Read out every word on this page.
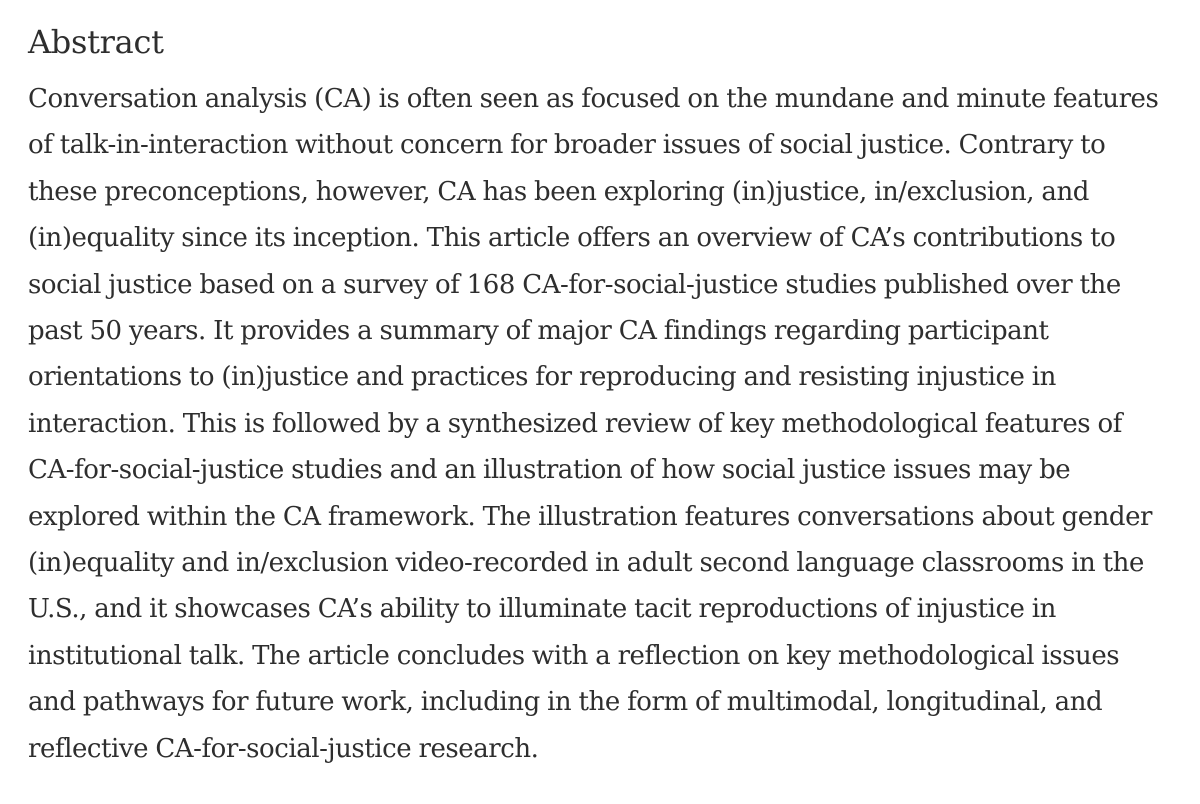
Abstract

Conversation analysis (CA) is often seen as focused on the mundane and minute features
of talk-in-interaction without concern for broader issues of social justice. Contrary to
these preconceptions, however, CA has been exploring (in)justice, in/exclusion, and
(in)equality since its inception. This article offers an overview of CA’s contributions to
social justice based on a survey of 168 CA-for-social-justice studies published over the
past 50 years. It provides a summary of major CA findings regarding participant
orientations to (in)justice and practices for reproducing and resisting injustice in
interaction. This is followed by a synthesized review of key methodological features of
CA-for-social-justice studies and an illustration of how social justice issues may be
explored within the CA framework. The illustration features conversations about gender
(in)equality and in/exclusion video-recorded in adult second language classrooms in the
U.S., and it showcases CA’s ability to illuminate tacit reproductions of injustice in
institutional talk. The article concludes with a reflection on key methodological issues
and pathways for future work, including in the form of multimodal, longitudinal, and
reflective CA-for-social-justice research.
